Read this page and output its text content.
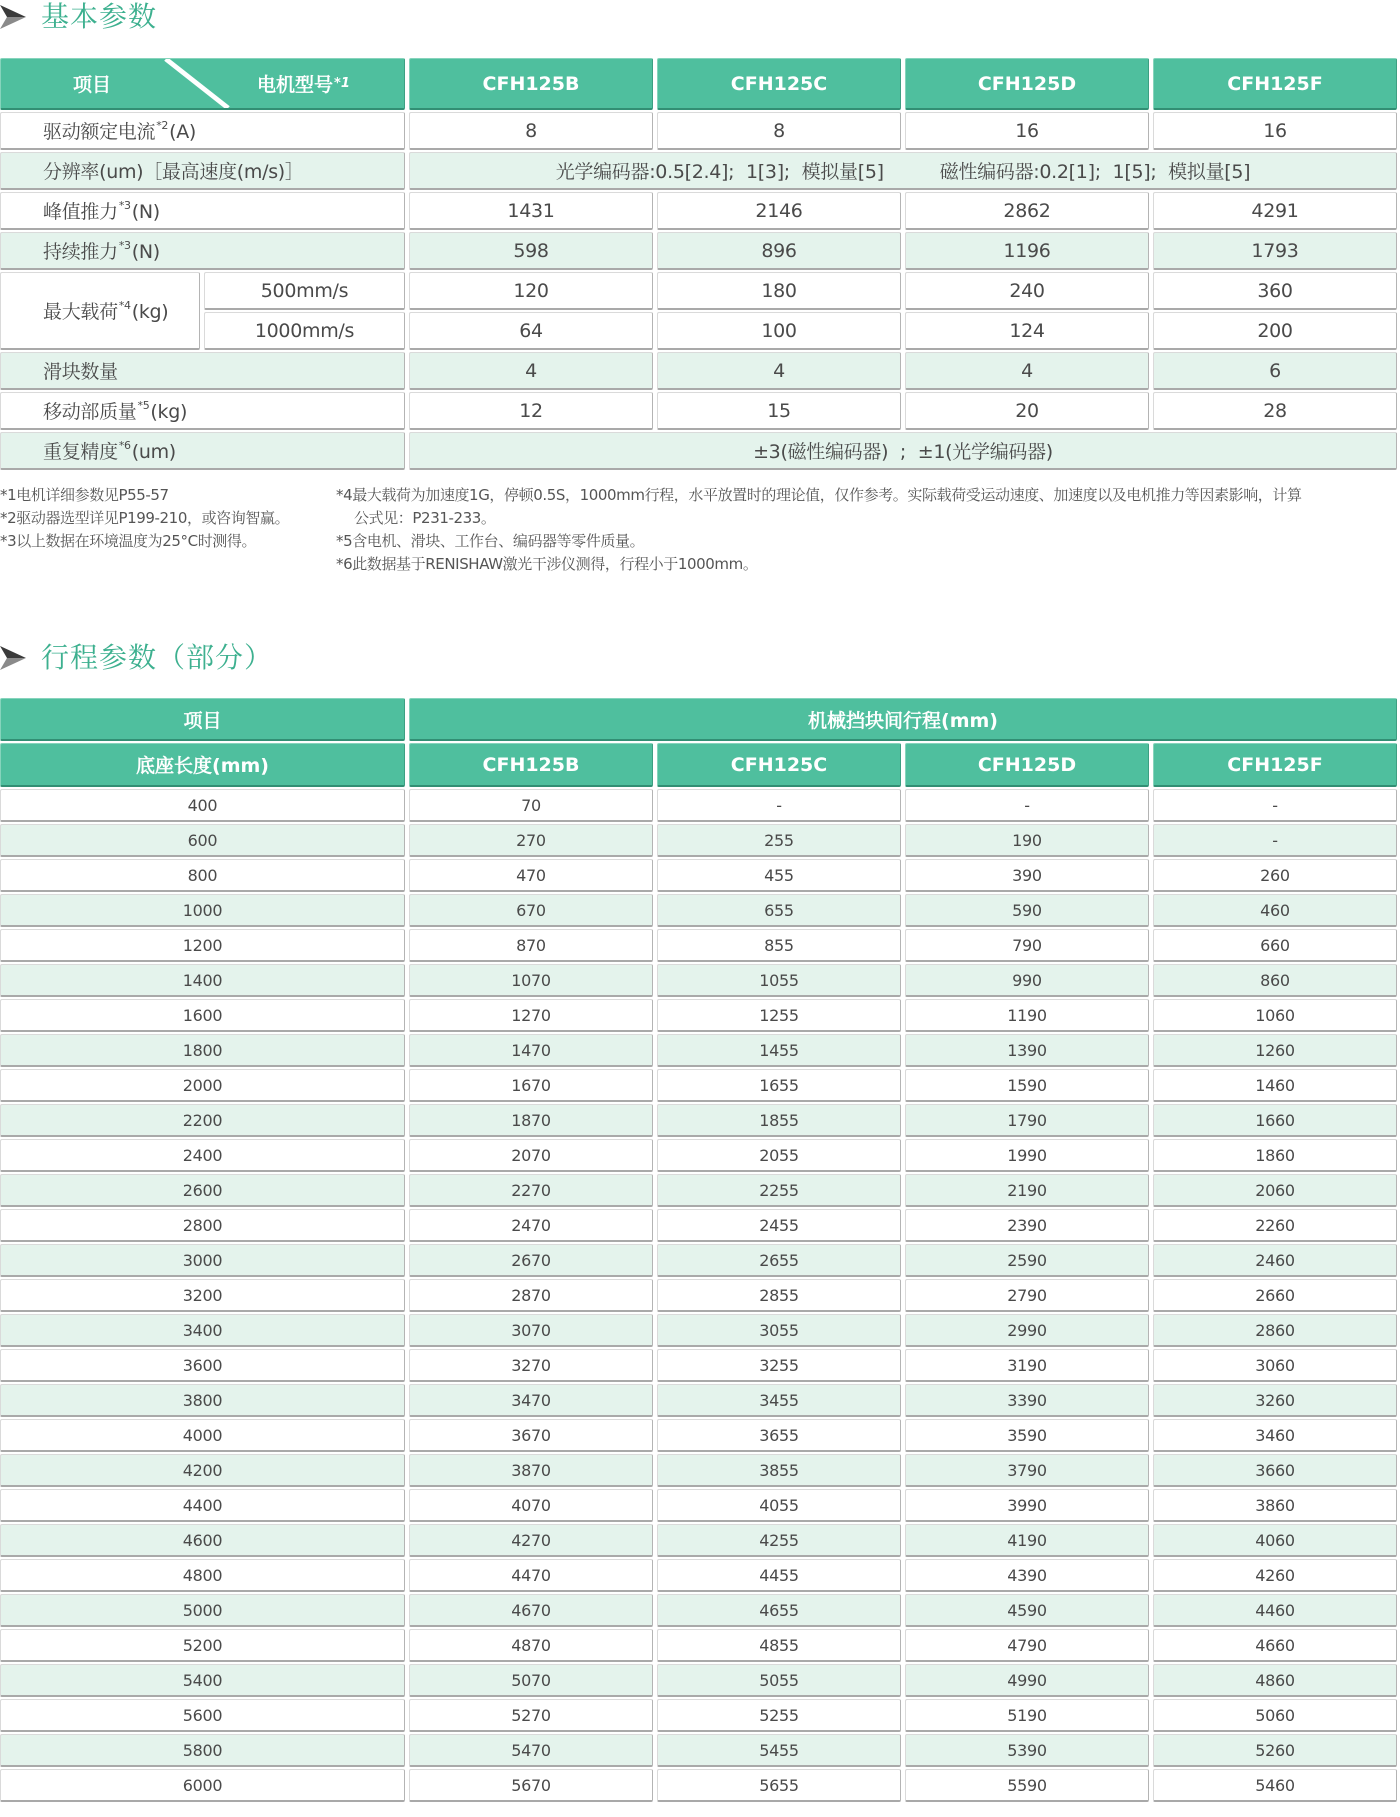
基本参数
项目	电机型号 *1	CFH125B	CFH125C	CFH125D	CFH125F
驱动额定电流$^{*2}$(A)	8	8	16	16
分辨率(um)［最高速度(m/s)］	光学编码器:0.5[2.4]; 1[3]; 模拟量[5]	磁性编码器:0.2[1]; 1[5]; 模拟量[5]
峰值推力$^{*3}$(N)	1431	2146	2862	4291
持续推力$^{*3}$(N)	598	896	1196	1793
最大载荷$^{*4}$(kg)
500mm/s	120	180	240	360
1000mm/s	64	100	124	200
滑块数量	4	4	4	6
移动部质量$^{*5}$(kg)	12	15	20	28
重复精度$^{*6}$(um)	±3(磁性编码器) ; ±1(光学编码器)
*1电机详细参数见P55-57
*2驱动器选型详见P199-210，或咨询智赢。
*3以上数据在环境温度为25°C时测得。
*4最大载荷为加速度1G，停顿0.5S，1000mm行程，水平放置时的理论值，仅作参考。实际载荷受运动速度、加速度以及电机推力等因素影响，计算
公式见：P231-233。
*5含电机、滑块、工作台、编码器等零件质量。
*6此数据基于RENISHAW激光干涉仪测得，行程小于1000mm。
行程参数（部分）
项目	机械挡块间行程(mm)
底座长度(mm)	CFH125B	CFH125C	CFH125D	CFH125F
400	70	-	-	-
600	270	255	190	-
800	470	455	390	260
1000	670	655	590	460
1200	870	855	790	660
1400	1070	1055	990	860
1600	1270	1255	1190	1060
1800	1470	1455	1390	1260
2000	1670	1655	1590	1460
2200	1870	1855	1790	1660
2400	2070	2055	1990	1860
2600	2270	2255	2190	2060
2800	2470	2455	2390	2260
3000	2670	2655	2590	2460
3200	2870	2855	2790	2660
3400	3070	3055	2990	2860
3600	3270	3255	3190	3060
3800	3470	3455	3390	3260
4000	3670	3655	3590	3460
4200	3870	3855	3790	3660
4400	4070	4055	3990	3860
4600	4270	4255	4190	4060
4800	4470	4455	4390	4260
5000	4670	4655	4590	4460
5200	4870	4855	4790	4660
5400	5070	5055	4990	4860
5600	5270	5255	5190	5060
5800	5470	5455	5390	5260
6000	5670	5655	5590	5460
